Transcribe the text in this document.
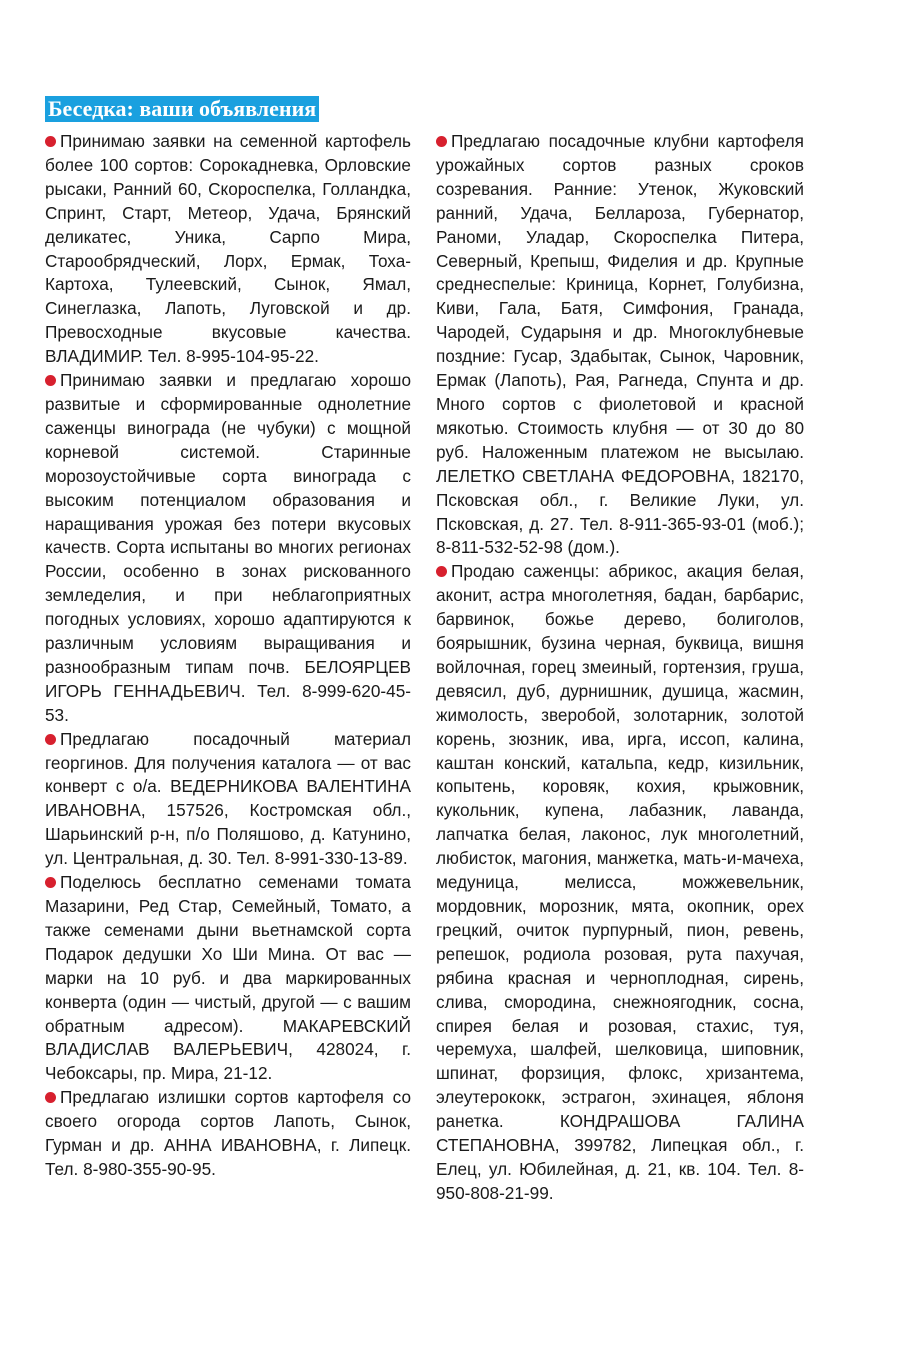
Беседка: ваши объявления

Принимаю заявки на семенной картофель более 100 сортов: Сорокадневка, Орловские рысаки, Ранний 60, Скороспелка, Голландка, Спринт, Старт, Метеор, Удача, Брянский деликатес, Уника, Сарпо Мира, Старообрядческий, Лорх, Ермак, Тоха-Картоха, Тулеевский, Сынок, Ямал, Синеглазка, Лапоть, Луговской и др. Превосходные вкусовые качества. ВЛАДИМИР. Тел. 8-995-104-95-22.

Принимаю заявки и предлагаю хорошо развитые и сформированные однолетние саженцы винограда (не чубуки) с мощной корневой системой. Старинные морозоустойчивые сорта винограда с высоким потенциалом образования и наращивания урожая без потери вкусовых качеств. Сорта испытаны во многих регионах России, особенно в зонах рискованного земледелия, и при неблагоприятных погодных условиях, хорошо адаптируются к различным условиям выращивания и разнообразным типам почв. БЕЛОЯРЦЕВ ИГОРЬ ГЕННАДЬЕВИЧ. Тел. 8-999-620-45-53.

Предлагаю посадочный материал георгинов. Для получения каталога — от вас конверт с о/а. ВЕДЕРНИКОВА ВАЛЕНТИНА ИВАНОВНА, 157526, Костромская обл., Шарьинский р-н, п/о Поляшово, д. Катунино, ул. Центральная, д. 30. Тел. 8-991-330-13-89.

Поделюсь бесплатно семенами томата Мазарини, Ред Стар, Семейный, Томато, а также семенами дыни вьетнамской сорта Подарок дедушки Хо Ши Мина. От вас — марки на 10 руб. и два маркированных конверта (один — чистый, другой — с вашим обратным адресом). МАКАРЕВСКИЙ ВЛАДИСЛАВ ВАЛЕРЬЕВИЧ, 428024, г. Чебоксары, пр. Мира, 21-12.

Предлагаю излишки сортов картофеля со своего огорода сортов Лапоть, Сынок, Гурман и др. АННА ИВАНОВНА, г. Липецк. Тел. 8-980-355-90-95.

Предлагаю посадочные клубни картофеля урожайных сортов разных сроков созревания. Ранние: Утенок, Жуковский ранний, Удача, Беллароза, Губернатор, Раноми, Уладар, Скороспелка Питера, Северный, Крепыш, Фиделия и др. Крупные среднеспелые: Криница, Корнет, Голубизна, Киви, Гала, Батя, Симфония, Гранада, Чародей, Сударыня и др. Многоклубневые поздние: Гусар, Здабытак, Сынок, Чаровник, Ермак (Лапоть), Рая, Рагнеда, Спунта и др. Много сортов с фиолетовой и красной мякотью. Стоимость клубня — от 30 до 80 руб. Наложенным платежом не высылаю. ЛЕЛЕТКО СВЕТЛАНА ФЕДОРОВНА, 182170, Псковская обл., г. Великие Луки, ул. Псковская, д. 27. Тел. 8-911-365-93-01 (моб.); 8-811-532-52-98 (дом.).

Продаю саженцы: абрикос, акация белая, аконит, астра многолетняя, бадан, барбарис, барвинок, божье дерево, болиголов, боярышник, бузина черная, буквица, вишня войлочная, горец змеиный, гортензия, груша, девясил, дуб, дурнишник, душица, жасмин, жимолость, зверобой, золотарник, золотой корень, зюзник, ива, ирга, иссоп, калина, каштан конский, катальпа, кедр, кизильник, копытень, коровяк, кохия, крыжовник, кукольник, купена, лабазник, лаванда, лапчатка белая, лаконос, лук многолетний, любисток, магония, манжетка, мать-и-мачеха, медуница, мелисса, можжевельник, мордовник, морозник, мята, окопник, орех грецкий, очиток пурпурный, пион, ревень, репешок, родиола розовая, рута пахучая, рябина красная и черноплодная, сирень, слива, смородина, снежноягодник, сосна, спирея белая и розовая, стахис, туя, черемуха, шалфей, шелковица, шиповник, шпинат, форзиция, флокс, хризантема, элеутерококк, эстрагон, эхинацея, яблоня ранетка. КОНДРАШОВА ГАЛИНА СТЕПАНОВНА, 399782, Липецкая обл., г. Елец, ул. Юбилейная, д. 21, кв. 104. Тел. 8-950-808-21-99.
